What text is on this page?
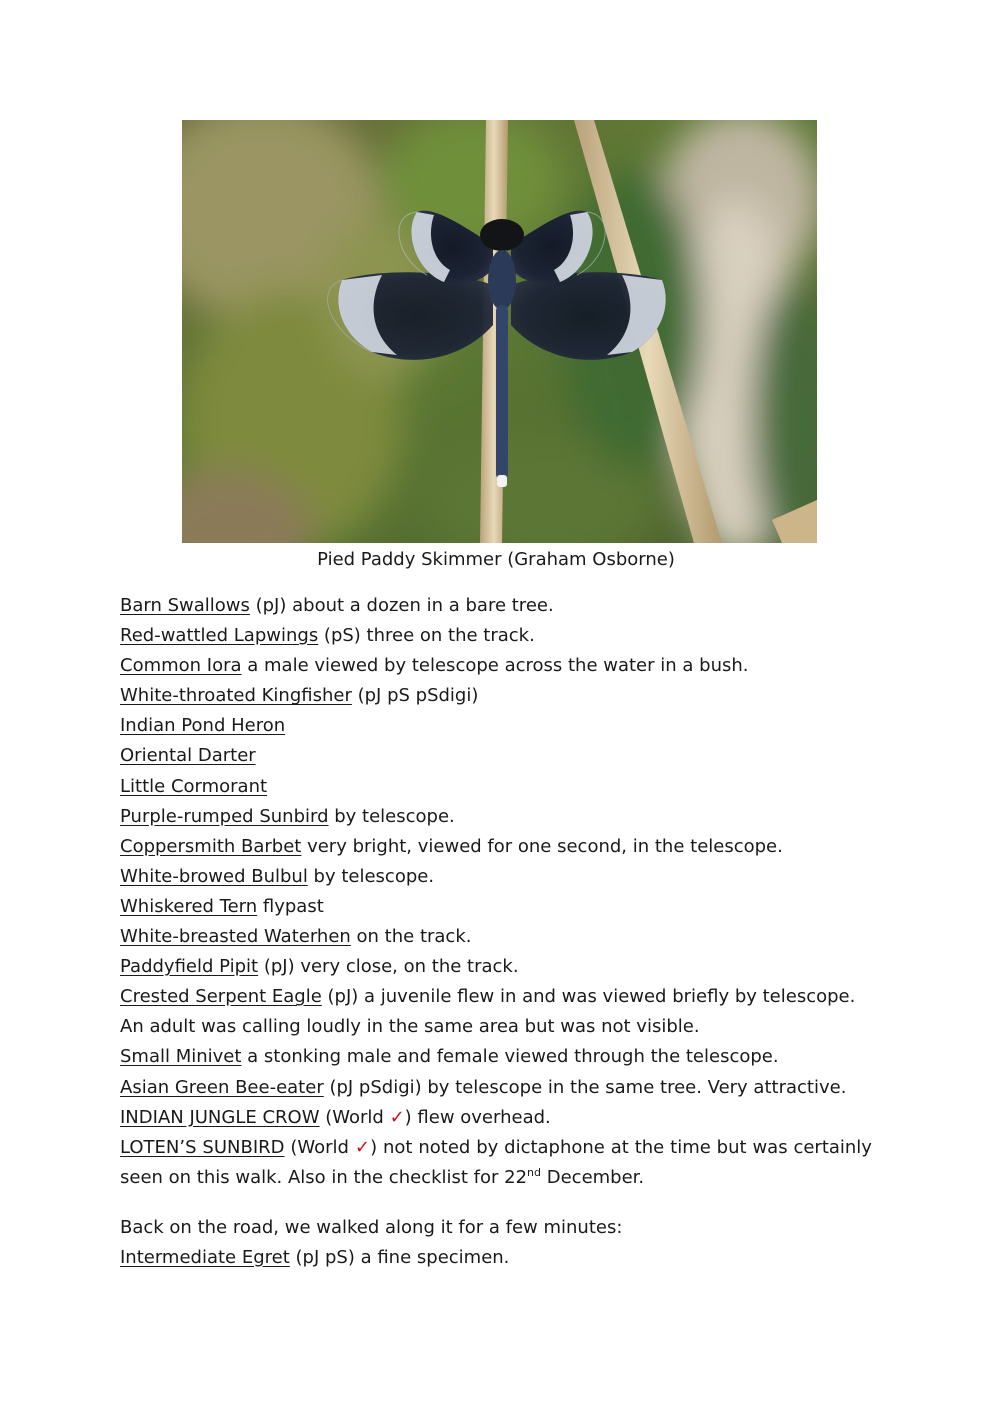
Pied Paddy Skimmer (Graham Osborne)
Barn Swallows (pJ) about a dozen in a bare tree.
Red-wattled Lapwings (pS) three on the track.
Common Iora a male viewed by telescope across the water in a bush.
White-throated Kingfisher (pJ pS pSdigi)
Indian Pond Heron
Oriental Darter
Little Cormorant
Purple-rumped Sunbird by telescope.
Coppersmith Barbet very bright, viewed for one second, in the telescope.
White-browed Bulbul by telescope.
Whiskered Tern flypast
White-breasted Waterhen on the track.
Paddyfield Pipit (pJ) very close, on the track.
Crested Serpent Eagle (pJ) a juvenile flew in and was viewed briefly by telescope.
An adult was calling loudly in the same area but was not visible.
Small Minivet a stonking male and female viewed through the telescope.
Asian Green Bee-eater (pJ pSdigi) by telescope in the same tree. Very attractive.
INDIAN JUNGLE CROW (World ✓) flew overhead.
LOTEN’S SUNBIRD (World ✓) not noted by dictaphone at the time but was certainly seen on this walk. Also in the checklist for 22nd December.
Back on the road, we walked along it for a few minutes:
Intermediate Egret (pJ pS) a fine specimen.
